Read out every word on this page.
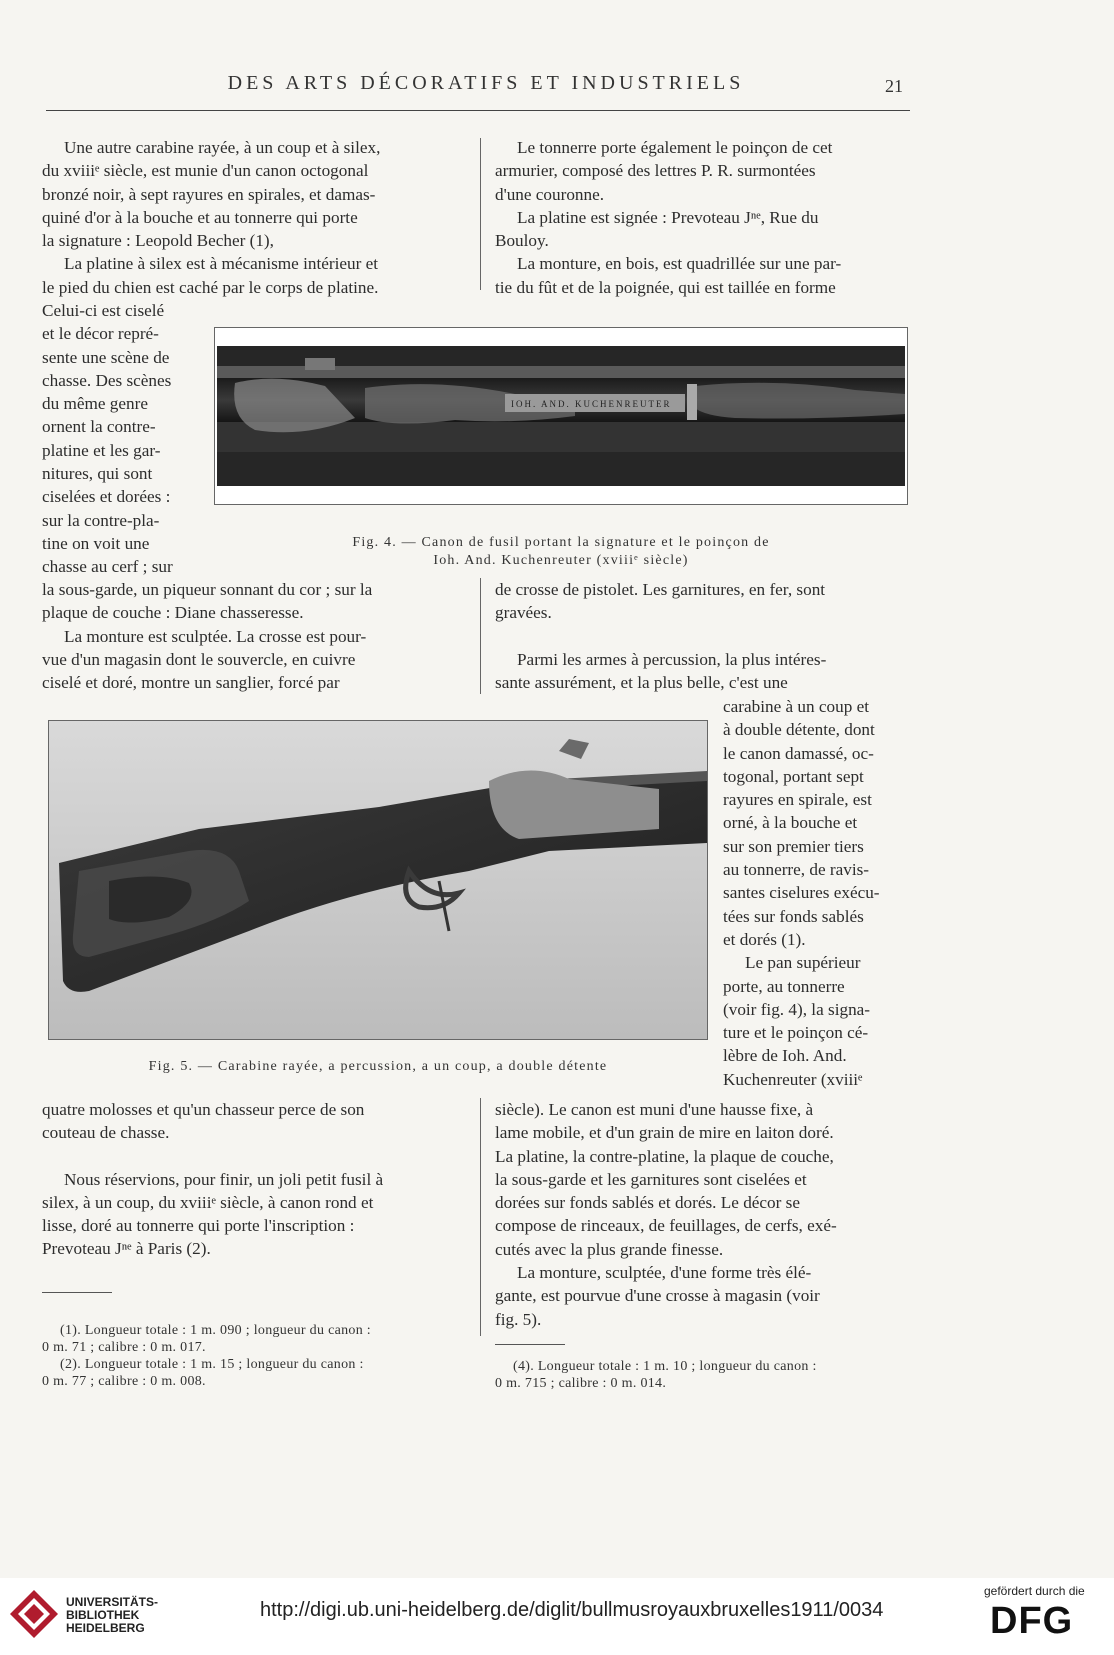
DES ARTS DÉCORATIFS ET INDUSTRIELS	21

Une autre carabine rayée, à un coup et à silex,

du xviiiᵉ siècle, est munie d'un canon octogonal

bronzé noir, à sept rayures en spirales, et damas-

quiné d'or à la bouche et au tonnerre qui porte

la signature : Leopold Becher (1),

La platine à silex est à mécanisme intérieur et

le pied du chien est caché par le corps de platine.

Celui-ci est ciselé

et le décor repré-

sente une scène de

chasse. Des scènes

du même genre

ornent la contre-

platine et les gar-

nitures, qui sont

ciselées et dorées :

sur la contre-pla-

tine on voit une

chasse au cerf ; sur

Le tonnerre porte également le poinçon de cet

armurier, composé des lettres P. R. surmontées

d'une couronne.

La platine est signée : Prevoteau Jⁿᵉ, Rue du

Bouloy.

La monture, en bois, est quadrillée sur une par-

tie du fût et de la poignée, qui est taillée en forme

IOH. AND. KUCHENREUTER
Fig. 4. — Canon de fusil portant la signature et le poinçon de
Ioh. And. Kuchenreuter (xviiiᵉ siècle)

la sous-garde, un piqueur sonnant du cor ; sur la

plaque de couche : Diane chasseresse.

La monture est sculptée. La crosse est pour-

vue d'un magasin dont le souvercle, en cuivre

ciselé et doré, montre un sanglier, forcé par

de crosse de pistolet. Les garnitures, en fer, sont

gravées.

Parmi les armes à percussion, la plus intéres-

sante assurément, et la plus belle, c'est une

carabine à un coup et

à double détente, dont

le canon damassé, oc-

togonal, portant sept

rayures en spirale, est

orné, à la bouche et

sur son premier tiers

au tonnerre, de ravis-

santes ciselures exécu-

tées sur fonds sablés

et dorés (1).

Le pan supérieur

porte, au tonnerre

(voir fig. 4), la signa-

ture et le poinçon cé-

lèbre de Ioh. And.

Kuchenreuter (xviiiᵉ

Fig. 5. — Carabine rayée, a percussion, a un coup, a double détente

quatre molosses et qu'un chasseur perce de son

couteau de chasse.

Nous réservions, pour finir, un joli petit fusil à

silex, à un coup, du xviiiᵉ siècle, à canon rond et

lisse, doré au tonnerre qui porte l'inscription :

Prevoteau Jⁿᵉ à Paris (2).

siècle). Le canon est muni d'une hausse fixe, à

lame mobile, et d'un grain de mire en laiton doré.

La platine, la contre-platine, la plaque de couche,

la sous-garde et les garnitures sont ciselées et

dorées sur fonds sablés et dorés. Le décor se

compose de rinceaux, de feuillages, de cerfs, exé-

cutés avec la plus grande finesse.

La monture, sculptée, d'une forme très élé-

gante, est pourvue d'une crosse à magasin (voir

fig. 5).

(1). Longueur totale : 1 m. 090 ; longueur du canon :

0 m. 71 ; calibre : 0 m. 017.

(2). Longueur totale : 1 m. 15 ; longueur du canon :

0 m. 77 ; calibre : 0 m. 008.

(4). Longueur totale : 1 m. 10 ; longueur du canon :

0 m. 715 ; calibre : 0 m. 014.

UNIVERSITÄTS-
BIBLIOTHEK
HEIDELBERG
http://digi.ub.uni-heidelberg.de/diglit/bullmusroyauxbruxelles1911/0034
gefördert durch die
DFG
